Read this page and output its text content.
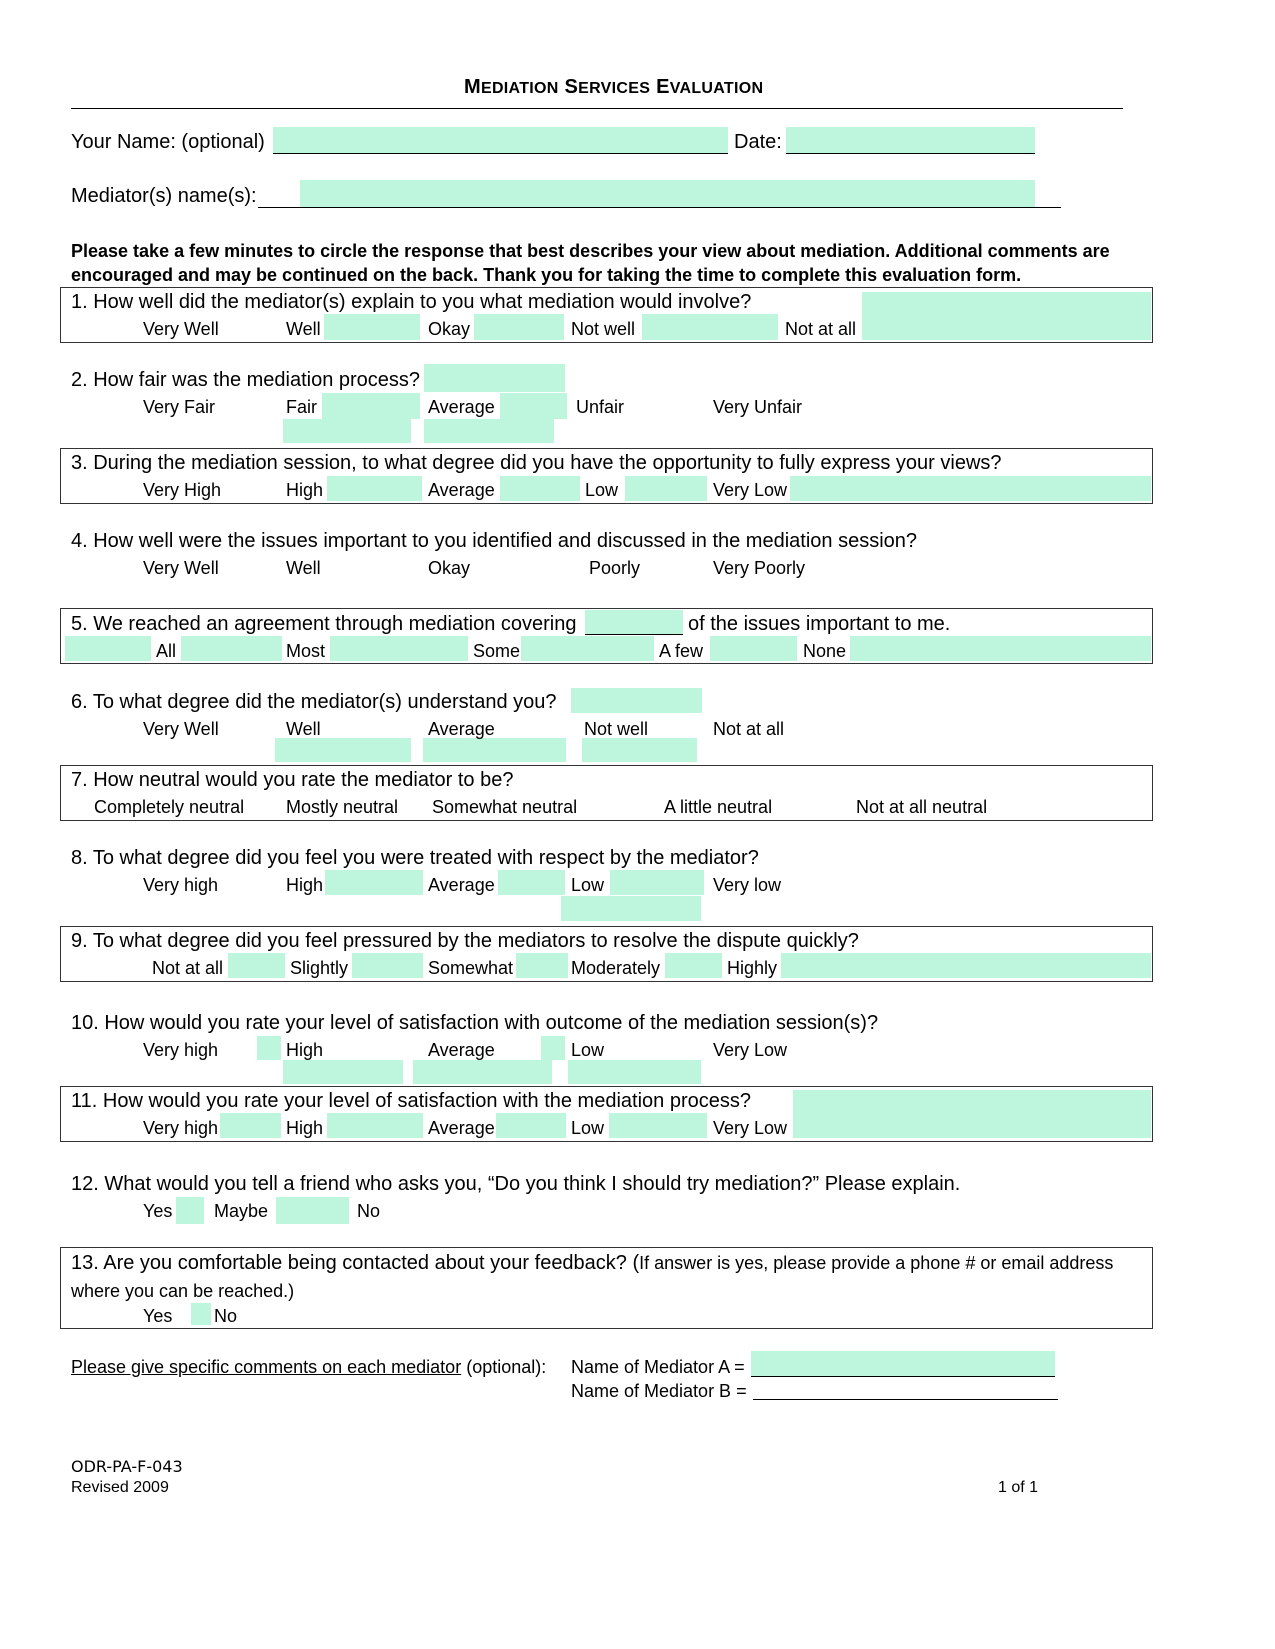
MEDIATION SERVICES EVALUATION
Your Name: (optional)	Date:
Mediator(s) name(s):
Please take a few minutes to circle the response that best describes your view about mediation. Additional comments are
encouraged and may be continued on the back. Thank you for taking the time to complete this evaluation form.
1. How well did the mediator(s) explain to you what mediation would involve?
Very Well	Well	Okay	Not well	Not at all
2. How fair was the mediation process?
Very Fair	Fair	Average	Unfair	Very Unfair
3. During the mediation session, to what degree did you have the opportunity to fully express your views?
Very High	High	Average	Low	Very Low
4. How well were the issues important to you identified and discussed in the mediation session?
Very Well	Well	Okay	Poorly	Very Poorly
5. We reached an agreement through mediation covering	of the issues important to me.
All	Most	Some	A few	None
6. To what degree did the mediator(s) understand you?
Very Well	Well	Average	Not well	Not at all
7. How neutral would you rate the mediator to be?
Completely neutral Mostly neutral Somewhat neutral	A little neutral	Not at all neutral
8. To what degree did you feel you were treated with respect by the mediator?
Very high	High	Average	Low	Very low
9. To what degree did you feel pressured by the mediators to resolve the dispute quickly?
Not at all	Slightly	Somewhat	Moderately	Highly
10. How would you rate your level of satisfaction with outcome of the mediation session(s)?
Very high	High	Average	Low	Very Low
11. How would you rate your level of satisfaction with the mediation process?
Very high	High	Average	Low	Very Low
12. What would you tell a friend who asks you, “Do you think I should try mediation?” Please explain.
Yes Maybe	No
13. Are you comfortable being contacted about your feedback? (If answer is yes, please provide a phone # or email address
where you can be reached.)
Yes No
Please give specific comments on each mediator (optional): Name of Mediator A =
Name of Mediator B =
ODR-PA-F-043
Revised 2009	1 of 1
